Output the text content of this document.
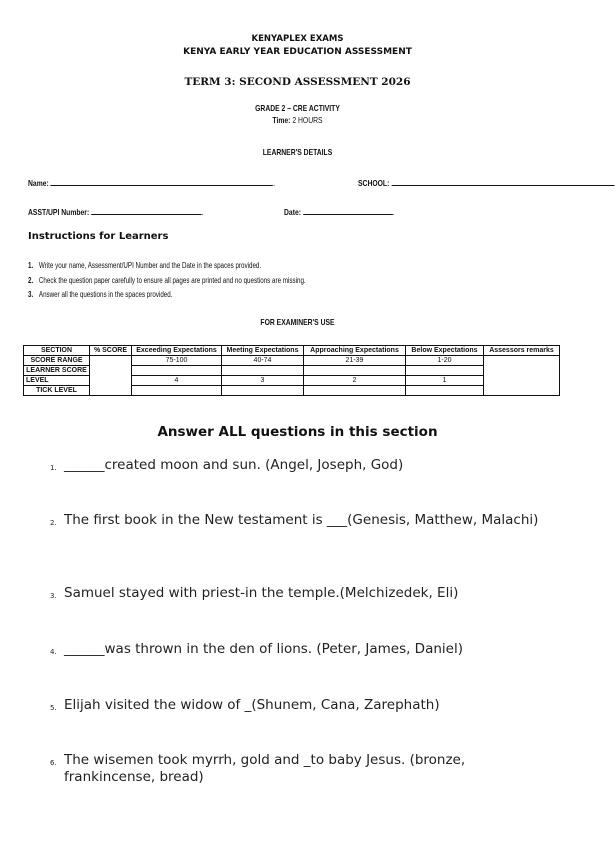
KENYAPLEX EXAMS
KENYA EARLY YEAR EDUCATION ASSESSMENT
TERM 3: SECOND ASSESSMENT 2026
GRADE 2 – CRE ACTIVITY
Time: 2 HOURS
LEARNER'S DETAILS
Name:	.	SCHOOL:	.
ASST/UPI Number:	.	Date:	.
Instructions for Learners
1. Write your name, Assessment/UPI Number and the Date in the spaces provided.
2. Check the question paper carefully to ensure all pages are printed and no questions are missing.
3. Answer all the questions in the spaces provided.
FOR EXAMINER'S USE
SECTION	% SCORE	Exceeding Expectations	Meeting Expectations	Approaching Expectations	Below Expectations	Assessors remarks
SCORE RANGE		75-100	40-74	21-39	1-20	
LEARNER SCORE						
LEVEL		4	3	2	1	
TICK LEVEL						
Answer ALL questions in this section
1. ______created moon and sun. (Angel, Joseph, God)
2. The first book in the New testament is ___(Genesis, Matthew, Malachi)
3. Samuel stayed with priest-in the temple.(Melchizedek, Eli)
4. ______was thrown in the den of lions. (Peter, James, Daniel)
5. Elijah visited the widow of _(Shunem, Cana, Zarephath)
6. The wisemen took myrrh, gold and _to baby Jesus. (bronze, frankincense, bread)
